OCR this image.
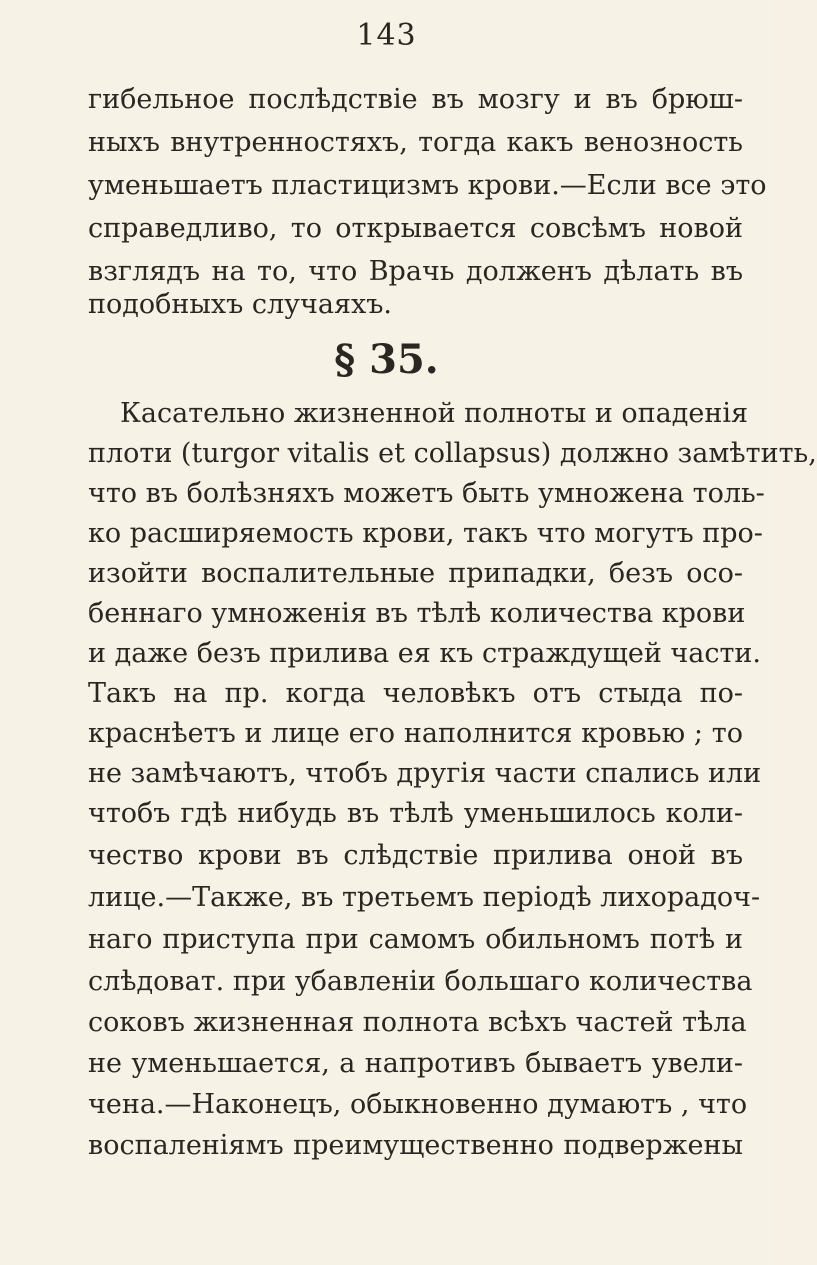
143
гибельное послѣдствіе въ мозгу и въ брюш-
ныхъ внутренностяхъ, тогда какъ венозность
уменьшаетъ пластицизмъ крови.—Если все это
справедливо, то открывается совсѣмъ новой
взглядъ на то, что Врачь долженъ дѣлать въ
подобныхъ случаяхъ.
§ 35.
Касательно жизненной полноты и опаденія
плоти (turgor vitalis et collapsus) должно замѣтить,
что въ болѣзняхъ можетъ быть умножена толь-
ко расширяемость крови, такъ что могутъ про-
изойти воспалительные припадки, безъ осо-
беннаго умноженія въ тѣлѣ количества крови
и даже безъ прилива ея къ страждущей части.
Такъ на пр. когда человѣкъ отъ стыда по-
краснѣетъ и лице его наполнится кровью ; то
не замѣчаютъ, чтобъ другія части спались или
чтобъ гдѣ нибудь въ тѣлѣ уменьшилось коли-
чество крови въ слѣдствіе прилива оной въ
лице.—Также, въ третьемъ періодѣ лихорадоч-
наго приступа при самомъ обильномъ потѣ и
слѣдоват. при убавленіи большаго количества
соковъ жизненная полнота всѣхъ частей тѣла
не уменьшается, а напротивъ бываетъ увели-
чена.—Наконецъ, обыкновенно думаютъ , что
воспаленіямъ преимущественно подвержены
